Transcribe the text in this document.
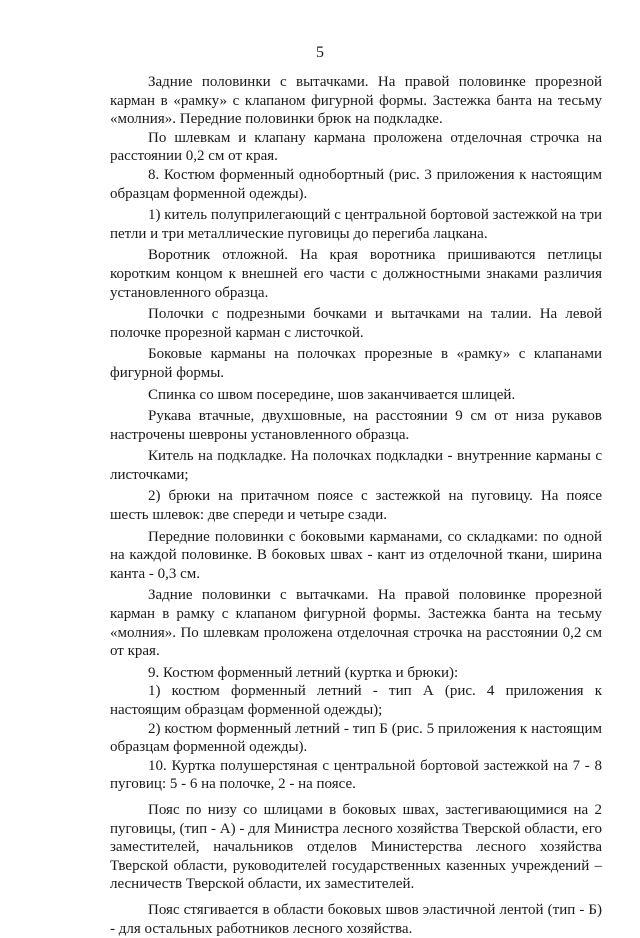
5

Задние половинки с вытачками. На правой половинке прорезной карман в «рамку» с клапаном фигурной формы. Застежка банта на тесьму «молния». Передние половинки брюк на подкладке.

По шлевкам и клапану кармана проложена отделочная строчка на расстоянии 0,2 см от края.

8. Костюм форменный однобортный (рис. 3 приложения к настоящим образцам форменной одежды).

1) китель полуприлегающий с центральной бортовой застежкой на три петли и три металлические пуговицы до перегиба лацкана.

Воротник отложной. На края воротника пришиваются петлицы коротким концом к внешней его части с должностными знаками различия установленного образца.

Полочки с подрезными бочками и вытачками на талии. На левой полочке прорезной карман с листочкой.

Боковые карманы на полочках прорезные в «рамку» с клапанами фигурной формы.

Спинка со швом посередине, шов заканчивается шлицей.

Рукава втачные, двухшовные, на расстоянии 9 см от низа рукавов настрочены шевроны установленного образца.

Китель на подкладке. На полочках подкладки - внутренние карманы с листочками;

2) брюки на притачном поясе с застежкой на пуговицу. На поясе шесть шлевок: две спереди и четыре сзади.

Передние половинки с боковыми карманами, со складками: по одной на каждой половинке. В боковых швах - кант из отделочной ткани, ширина канта - 0,3 см.

Задние половинки с вытачками. На правой половинке прорезной карман в рамку с клапаном фигурной формы. Застежка банта на тесьму «молния». По шлевкам проложена отделочная строчка на расстоянии 0,2 см от края.

9. Костюм форменный летний (куртка и брюки):

1) костюм форменный летний - тип А (рис. 4 приложения к настоящим образцам форменной одежды);

2) костюм форменный летний - тип Б (рис. 5 приложения к настоящим образцам форменной одежды).

10. Куртка полушерстяная с центральной бортовой застежкой на 7 - 8 пуговиц: 5 - 6 на полочке, 2 - на поясе.

Пояс по низу со шлицами в боковых швах, застегивающимися на 2 пуговицы, (тип - А) - для Министра лесного хозяйства Тверской области, его заместителей, начальников отделов Министерства лесного хозяйства Тверской области, руководителей государственных казенных учреждений – лесничеств Тверской области, их заместителей.

Пояс стягивается в области боковых швов эластичной лентой (тип - Б) - для остальных работников лесного хозяйства.
